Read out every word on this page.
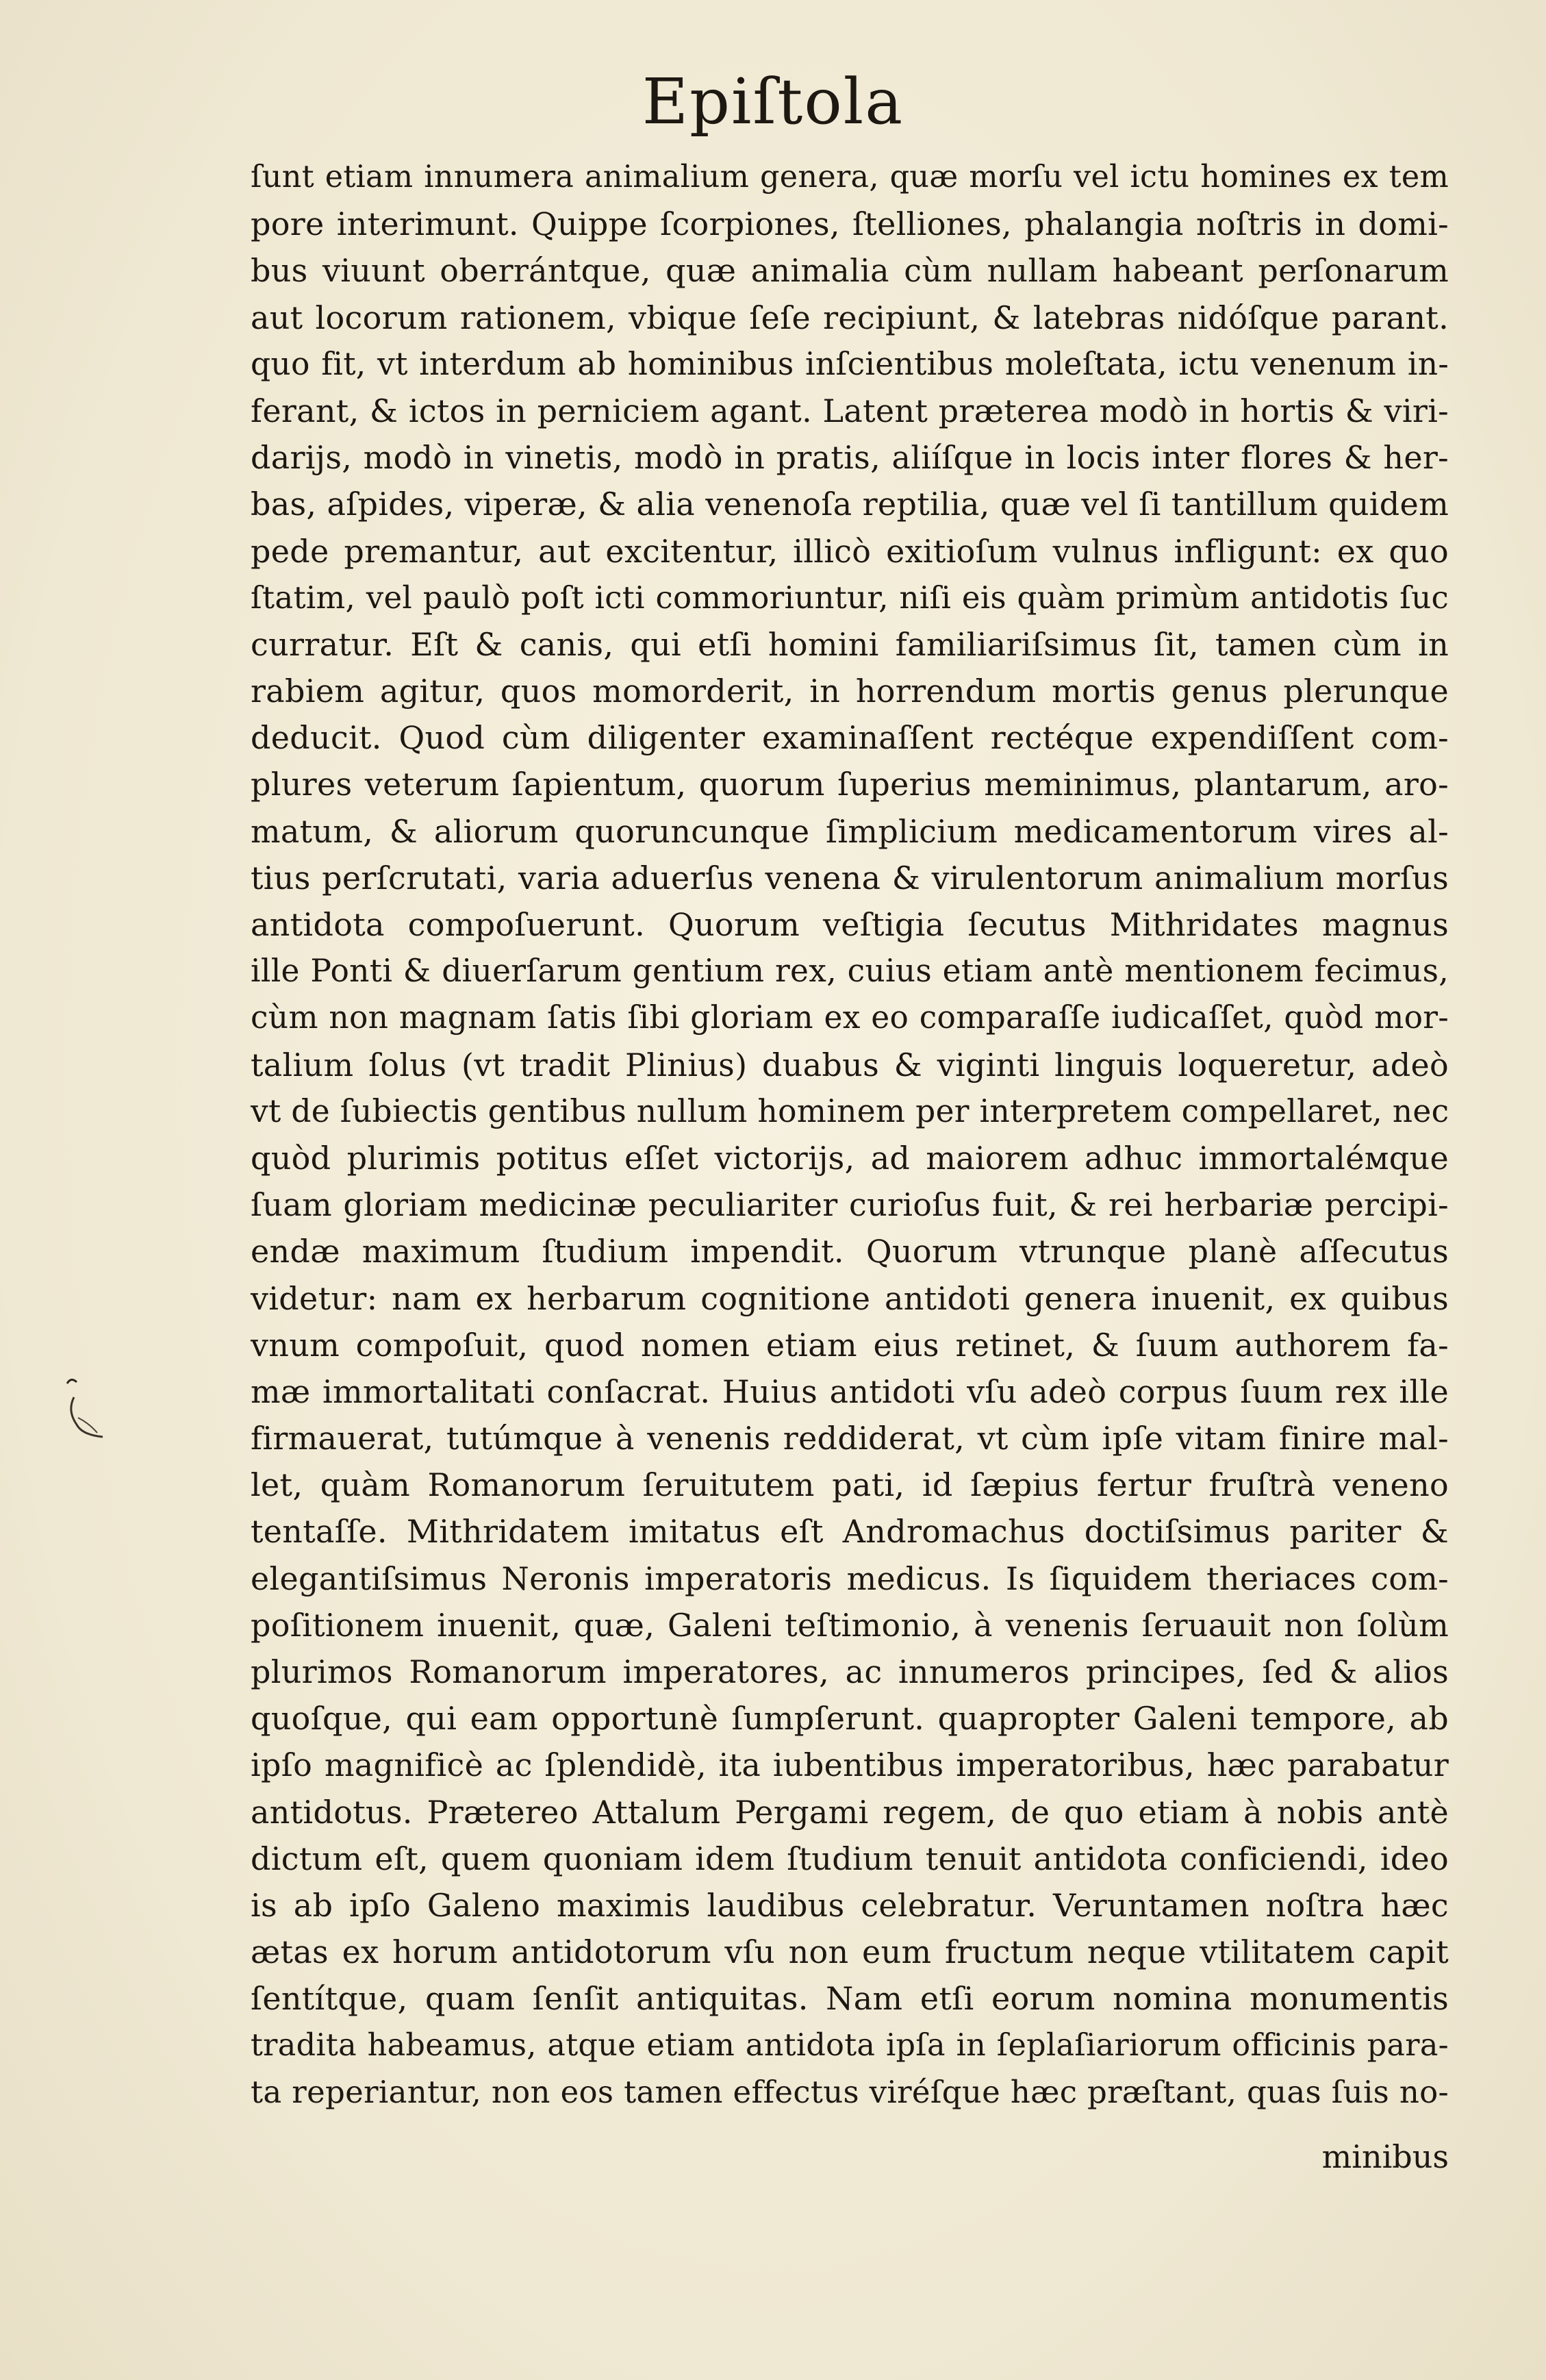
Epiſtola
ſunt etiam innumera animalium genera, quæ morſu vel ictu homines ex tem
pore interimunt. Quippe ſcorpiones, ſtelliones, phalangia noſtris in domi-
bus viuunt oberrántque, quæ animalia cùm nullam habeant perſonarum
aut locorum rationem, vbique ſeſe recipiunt, & latebras nidóſque parant.
quo fit, vt interdum ab hominibus inſcientibus moleſtata, ictu venenum in-
ferant, & ictos in perniciem agant. Latent præterea modò in hortis & viri-
darijs, modò in vinetis, modò in pratis, aliíſque in locis inter flores & her-
bas, aſpides, viperæ, & alia venenoſa reptilia, quæ vel ſi tantillum quidem
pede premantur, aut excitentur, illicò exitioſum vulnus infligunt: ex quo
ſtatim, vel paulò poſt icti commoriuntur, niſi eis quàm primùm antidotis ſuc
curratur. Eſt & canis, qui etſi homini familiariſsimus ſit, tamen cùm in
rabiem agitur, quos momorderit, in horrendum mortis genus plerunque
deducit. Quod cùm diligenter examinaſſent rectéque expendiſſent com-
plures veterum ſapientum, quorum ſuperius meminimus, plantarum, aro-
matum, & aliorum quoruncunque ſimplicium medicamentorum vires al-
tius perſcrutati, varia aduerſus venena & virulentorum animalium morſus
antidota compoſuerunt. Quorum veſtigia ſecutus Mithridates magnus
ille Ponti & diuerſarum gentium rex, cuius etiam antè mentionem fecimus,
cùm non magnam ſatis ſibi gloriam ex eo comparaſſe iudicaſſet, quòd mor-
talium ſolus (vt tradit Plinius) duabus & viginti linguis loqueretur, adeò
vt de ſubiectis gentibus nullum hominem per interpretem compellaret, nec
quòd plurimis potitus eſſet victorijs, ad maiorem adhuc immortaléмque
ſuam gloriam medicinæ peculiariter curioſus fuit, & rei herbariæ percipi-
endæ maximum ſtudium impendit. Quorum vtrunque planè aſſecutus
videtur: nam ex herbarum cognitione antidoti genera inuenit, ex quibus
vnum compoſuit, quod nomen etiam eius retinet, & ſuum authorem fa-
mæ immortalitati conſacrat. Huius antidoti vſu adeò corpus ſuum rex ille
firmauerat, tutúmque à venenis reddiderat, vt cùm ipſe vitam finire mal-
let, quàm Romanorum ſeruitutem pati, id ſæpius fertur fruſtrà veneno
tentaſſe. Mithridatem imitatus eſt Andromachus doctiſsimus pariter &
elegantiſsimus Neronis imperatoris medicus. Is ſiquidem theriaces com-
poſitionem inuenit, quæ, Galeni teſtimonio, à venenis ſeruauit non ſolùm
plurimos Romanorum imperatores, ac innumeros principes, ſed & alios
quoſque, qui eam opportunè ſumpſerunt. quapropter Galeni tempore, ab
ipſo magnificè ac ſplendidè, ita iubentibus imperatoribus, hæc parabatur
antidotus. Prætereo Attalum Pergami regem, de quo etiam à nobis antè
dictum eſt, quem quoniam idem ſtudium tenuit antidota conficiendi, ideo
is ab ipſo Galeno maximis laudibus celebratur. Veruntamen noſtra hæc
ætas ex horum antidotorum vſu non eum fructum neque vtilitatem capit
ſentítque, quam ſenſit antiquitas. Nam etſi eorum nomina monumentis
tradita habeamus, atque etiam antidota ipſa in ſeplaſiariorum officinis para-
ta reperiantur, non eos tamen effectus viréſque hæc præſtant, quas ſuis no-
minibus
